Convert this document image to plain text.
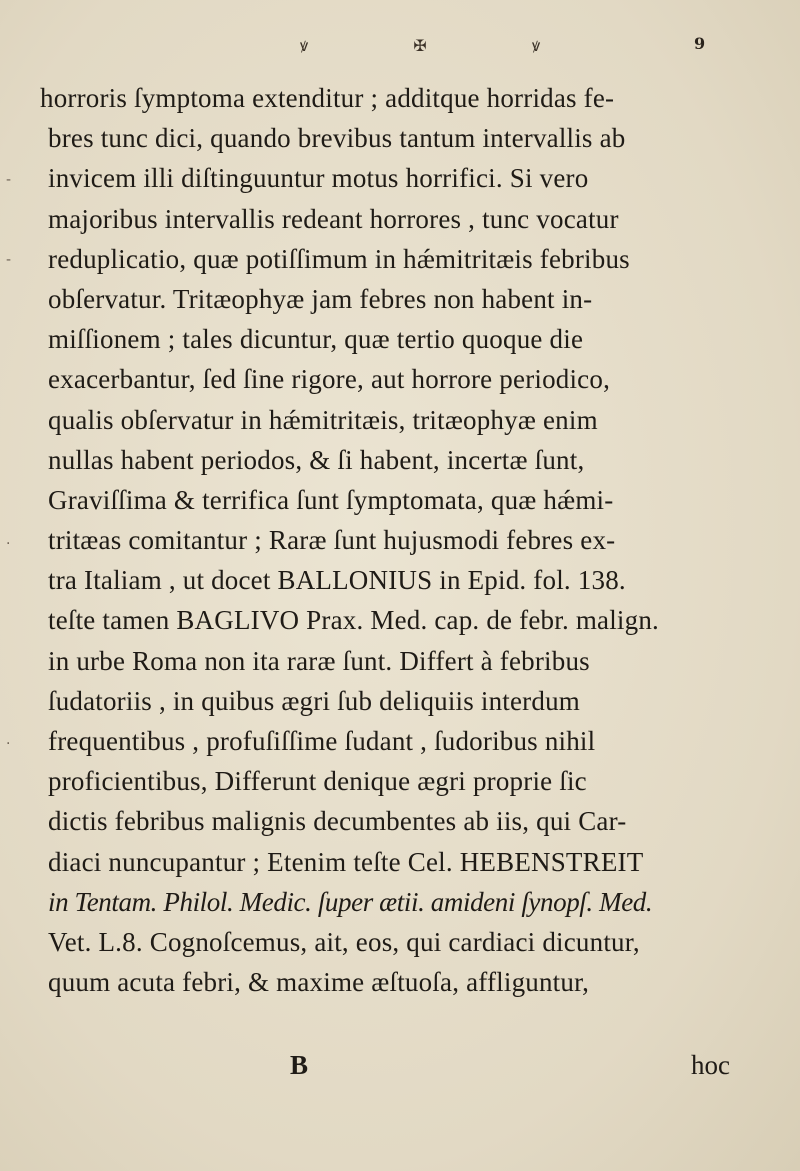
ꝟ	✠	ꝟ	9
-
-
.
.
horroris ſymptoma extenditur ; additque horridas fe-
bres tunc dici, quando brevibus tantum intervallis ab
invicem illi diſtinguuntur motus horrifici. Si vero
majoribus intervallis redeant horrores , tunc vocatur
reduplicatio, quæ potiſſimum in hǽmitritæis febribus
obſervatur. Tritæophyæ jam febres non habent in-
miſſionem ; tales dicuntur, quæ tertio quoque die
exacerbantur, ſed ſine rigore, aut horrore periodico,
qualis obſervatur in hǽmitritæis, tritæophyæ enim
nullas habent periodos, & ſi habent, incertæ ſunt,
Graviſſima & terrifica ſunt ſymptomata, quæ hǽmi-
tritæas comitantur ; Raræ ſunt hujusmodi febres ex-
tra Italiam , ut docet BALLONIUS in Epid. fol. 138.
teſte tamen BAGLIVO Prax. Med. cap. de febr. malign.
in urbe Roma non ita raræ ſunt. Differt à febribus
ſudatoriis , in quibus ægri ſub deliquiis interdum
frequentibus , profuſiſſime ſudant , ſudoribus nihil
proficientibus, Differunt denique ægri proprie ſic
dictis febribus malignis decumbentes ab iis, qui Car-
diaci nuncupantur ; Etenim teſte Cel. HEBENSTREIT
in Tentam. Philol. Medic. ſuper ætii. amideni ſynopſ. Med.
Vet. L.8. Cognoſcemus, ait, eos, qui cardiaci dicuntur,
quum acuta febri, & maxime æſtuoſa, affliguntur,
B	hoc
